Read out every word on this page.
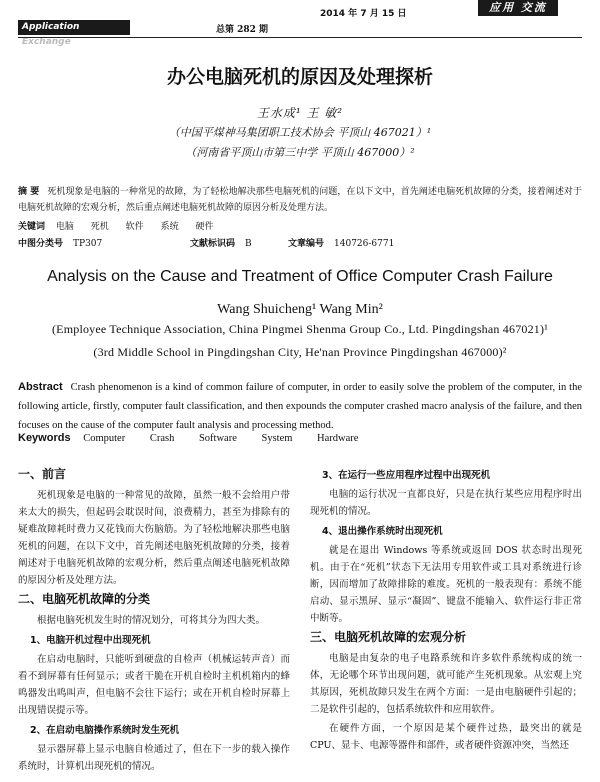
2014 年 7 月 15 日	应用 交流
Application Exchange
总第 282 期
办公电脑死机的原因及处理探析
王水成¹ 王 敏²
（中国平煤神马集团职工技术协会 平顶山 467021）¹
（河南省平顶山市第三中学 平顶山 467000）²
摘 要 死机现象是电脑的一种常见的故障，为了轻松地解决那些电脑死机的问题，在以下文中，首先阐述电脑死机故障的分类，接着阐述对于电脑死机故障的宏观分析，然后重点阐述电脑死机故障的原因分析及处理方法。
关键词 电脑 死机 软件 系统 硬件
中图分类号 TP307	文献标识码 B	文章编号 140726-6771
Analysis on the Cause and Treatment of Office Computer Crash Failure
Wang Shuicheng¹ Wang Min²
(Employee Technique Association, China Pingmei Shenma Group Co., Ltd. Pingdingshan 467021)¹
(3rd Middle School in Pingdingshan City, He'nan Province Pingdingshan 467000)²
Abstract Crash phenomenon is a kind of common failure of computer, in order to easily solve the problem of the computer, in the following article, firstly, computer fault classification, and then expounds the computer crashed macro analysis of the failure, and then focuses on the cause of the computer fault analysis and processing method.
Keywords Computer Crash Software System Hardware
一、前言

死机现象是电脑的一种常见的故障，虽然一般不会给用户带来太大的损失，但起码会耽误时间，浪费精力，甚至为排除有的疑难故障耗时费力又花钱而大伤脑筋。为了轻松地解决那些电脑死机的问题，在以下文中，首先阐述电脑死机故障的分类，接着阐述对于电脑死机故障的宏观分析，然后重点阐述电脑死机故障的原因分析及处理方法。

二、电脑死机故障的分类

根据电脑死机发生时的情况划分，可将其分为四大类。

1、电脑开机过程中出现死机

在启动电脑时，只能听到硬盘的自检声（机械运转声音）而看不到屏幕有任何显示；或者干脆在开机自检时主机机箱内的蜂鸣器发出鸣叫声，但电脑不会往下运行；或在开机自检时屏幕上出现错误提示等。

2、在启动电脑操作系统时发生死机

显示器屏幕上显示电脑自检通过了，但在下一步的载入操作系统时，计算机出现死机的情况。

3、在运行一些应用程序过程中出现死机

电脑的运行状况一直都良好，只是在执行某些应用程序时出现死机的情况。

4、退出操作系统时出现死机

就是在退出 Windows 等系统或返回 DOS 状态时出现死机。由于在“死机”状态下无法用专用软件或工具对系统进行诊断，因而增加了故障排除的难度。死机的一般表现有：系统不能启动、显示黑屏、显示“凝固”、键盘不能输入、软件运行非正常中断等。

三、电脑死机故障的宏观分析

电脑是由复杂的电子电路系统和许多软件系统构成的统一体，无论哪个环节出现问题，就可能产生死机现象。从宏观上究其原因，死机故障只发生在两个方面：一是由电脑硬件引起的；二是软件引起的，包括系统软件和应用软件。

在硬件方面，一个原因是某个硬件过热，最突出的就是 CPU、显卡、电源等器件和部件，或者硬件资源冲突，当然还
